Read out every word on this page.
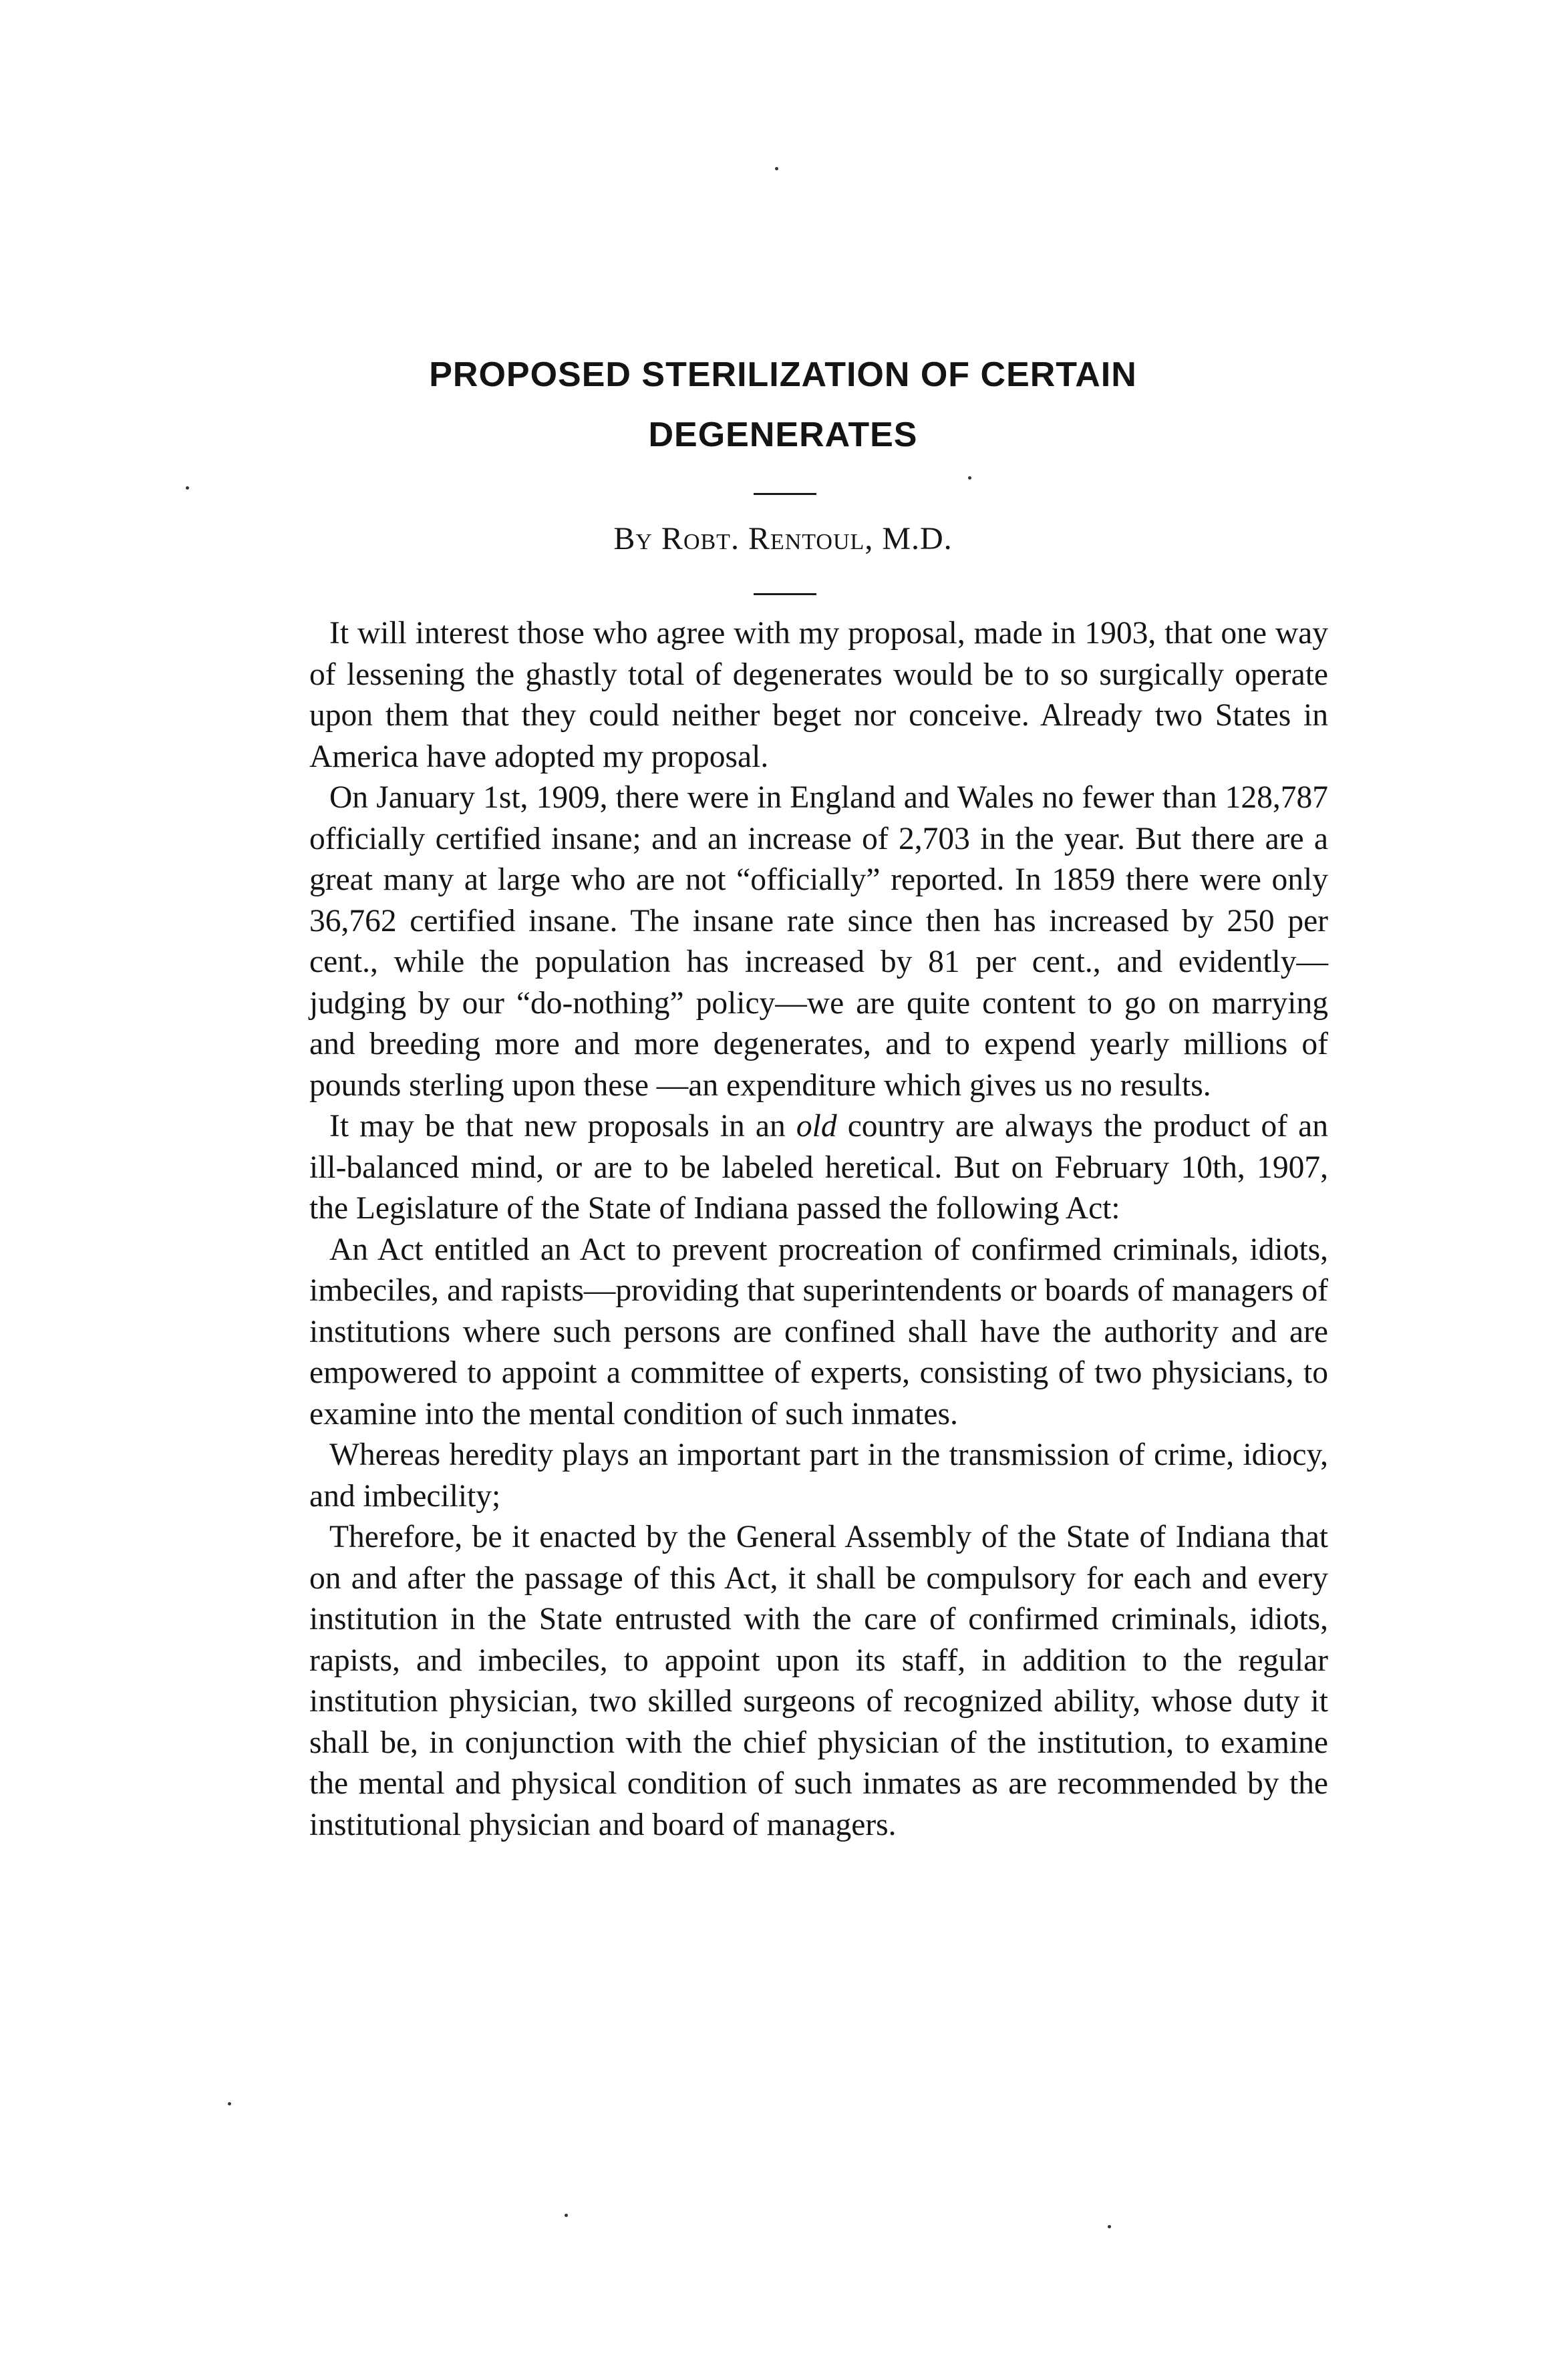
PROPOSED STERILIZATION OF CERTAIN
DEGENERATES
By Robt. Rentoul, M.D.

It will interest those who agree with my proposal, made in 1903, that one way of lessening the ghastly total of degenerates would be to so surgically operate upon them that they could neither beget nor conceive. Already two States in America have adopted my proposal.

On January 1st, 1909, there were in England and Wales no fewer than 128,787 officially certified insane; and an increase of 2,703 in the year. But there are a great many at large who are not “officially” reported. In 1859 there were only 36,762 certified insane. The insane rate since then has increased by 250 per cent., while the population has increased by 81 per cent., and evidently—judging by our “do-nothing” policy—we are quite content to go on marrying and breeding more and more degenerates, and to expend yearly millions of pounds sterling upon these —an expenditure which gives us no results.

It may be that new proposals in an old country are always the product of an ill-balanced mind, or are to be labeled heretical. But on February 10th, 1907, the Legislature of the State of Indiana passed the following Act:

An Act entitled an Act to prevent procreation of confirmed criminals, idiots, imbeciles, and rapists—providing that superintendents or boards of managers of institutions where such persons are confined shall have the authority and are empowered to appoint a committee of experts, consisting of two physicians, to examine into the mental condition of such inmates.

Whereas heredity plays an important part in the transmission of crime, idiocy, and imbecility;

Therefore, be it enacted by the General Assembly of the State of Indiana that on and after the passage of this Act, it shall be compulsory for each and every institution in the State entrusted with the care of confirmed criminals, idiots, rapists, and imbeciles, to appoint upon its staff, in addition to the regular institution physician, two skilled surgeons of recognized ability, whose duty it shall be, in conjunction with the chief physician of the institution, to examine the mental and physical condition of such inmates as are recommended by the institutional physician and board of managers.
